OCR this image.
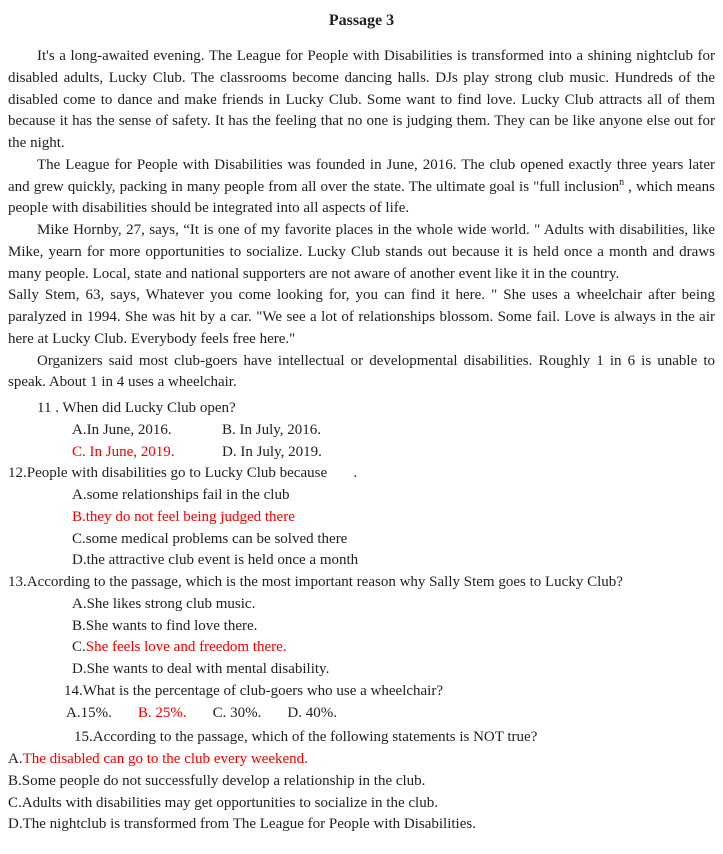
Passage 3

It's a long-awaited evening. The League for People with Disabilities is transformed into a shining nightclub for disabled adults, Lucky Club. The classrooms become dancing halls. DJs play strong club music. Hundreds of the disabled come to dance and make friends in Lucky Club. Some want to find love. Lucky Club attracts all of them because it has the sense of safety. It has the feeling that no one is judging them. They can be like anyone else out for the night.

The League for People with Disabilities was founded in June, 2016. The club opened exactly three years later and grew quickly, packing in many people from all over the state. The ultimate goal is "full inclusion$^n$ , which means people with disabilities should be integrated into all aspects of life.

Mike Hornby, 27, says, “It is one of my favorite places in the whole wide world. " Adults with disabilities, like Mike, yearn for more opportunities to socialize. Lucky Club stands out because it is held once a month and draws many people. Local, state and national supporters are not aware of another event like it in the country.

Sally Stem, 63, says, Whatever you come looking for, you can find it here. " She uses a wheelchair after being paralyzed in 1994. She was hit by a car. "We see a lot of relationships blossom. Some fail. Love is always in the air here at Lucky Club. Everybody feels free here."

Organizers said most club-goers have intellectual or developmental disabilities. Roughly 1 in 6 is unable to speak. About 1 in 4 uses a wheelchair.

11 . When did Lucky Club open?

A.In June, 2016.	B. In July, 2016.

C. In June, 2019.	D. In July, 2019.

12.People with disabilities go to Lucky Club because       .

A.some relationships fail in the club

B.they do not feel being judged there

C.some medical problems can be solved there

D.the attractive club event is held once a month

13.According to the passage, which is the most important reason why Sally Stem goes to Lucky Club?

A.She likes strong club music.

B.She wants to find love there.

C.She feels love and freedom there.

D.She wants to deal with mental disability.

14.What is the percentage of club-goers who use a wheelchair?

A.15%. B. 25%. C. 30%. D. 40%.

15.According to the passage, which of the following statements is NOT true?

A.The disabled can go to the club every weekend.

B.Some people do not successfully develop a relationship in the club.

C.Adults with disabilities may get opportunities to socialize in the club.

D.The nightclub is transformed from The League for People with Disabilities.
